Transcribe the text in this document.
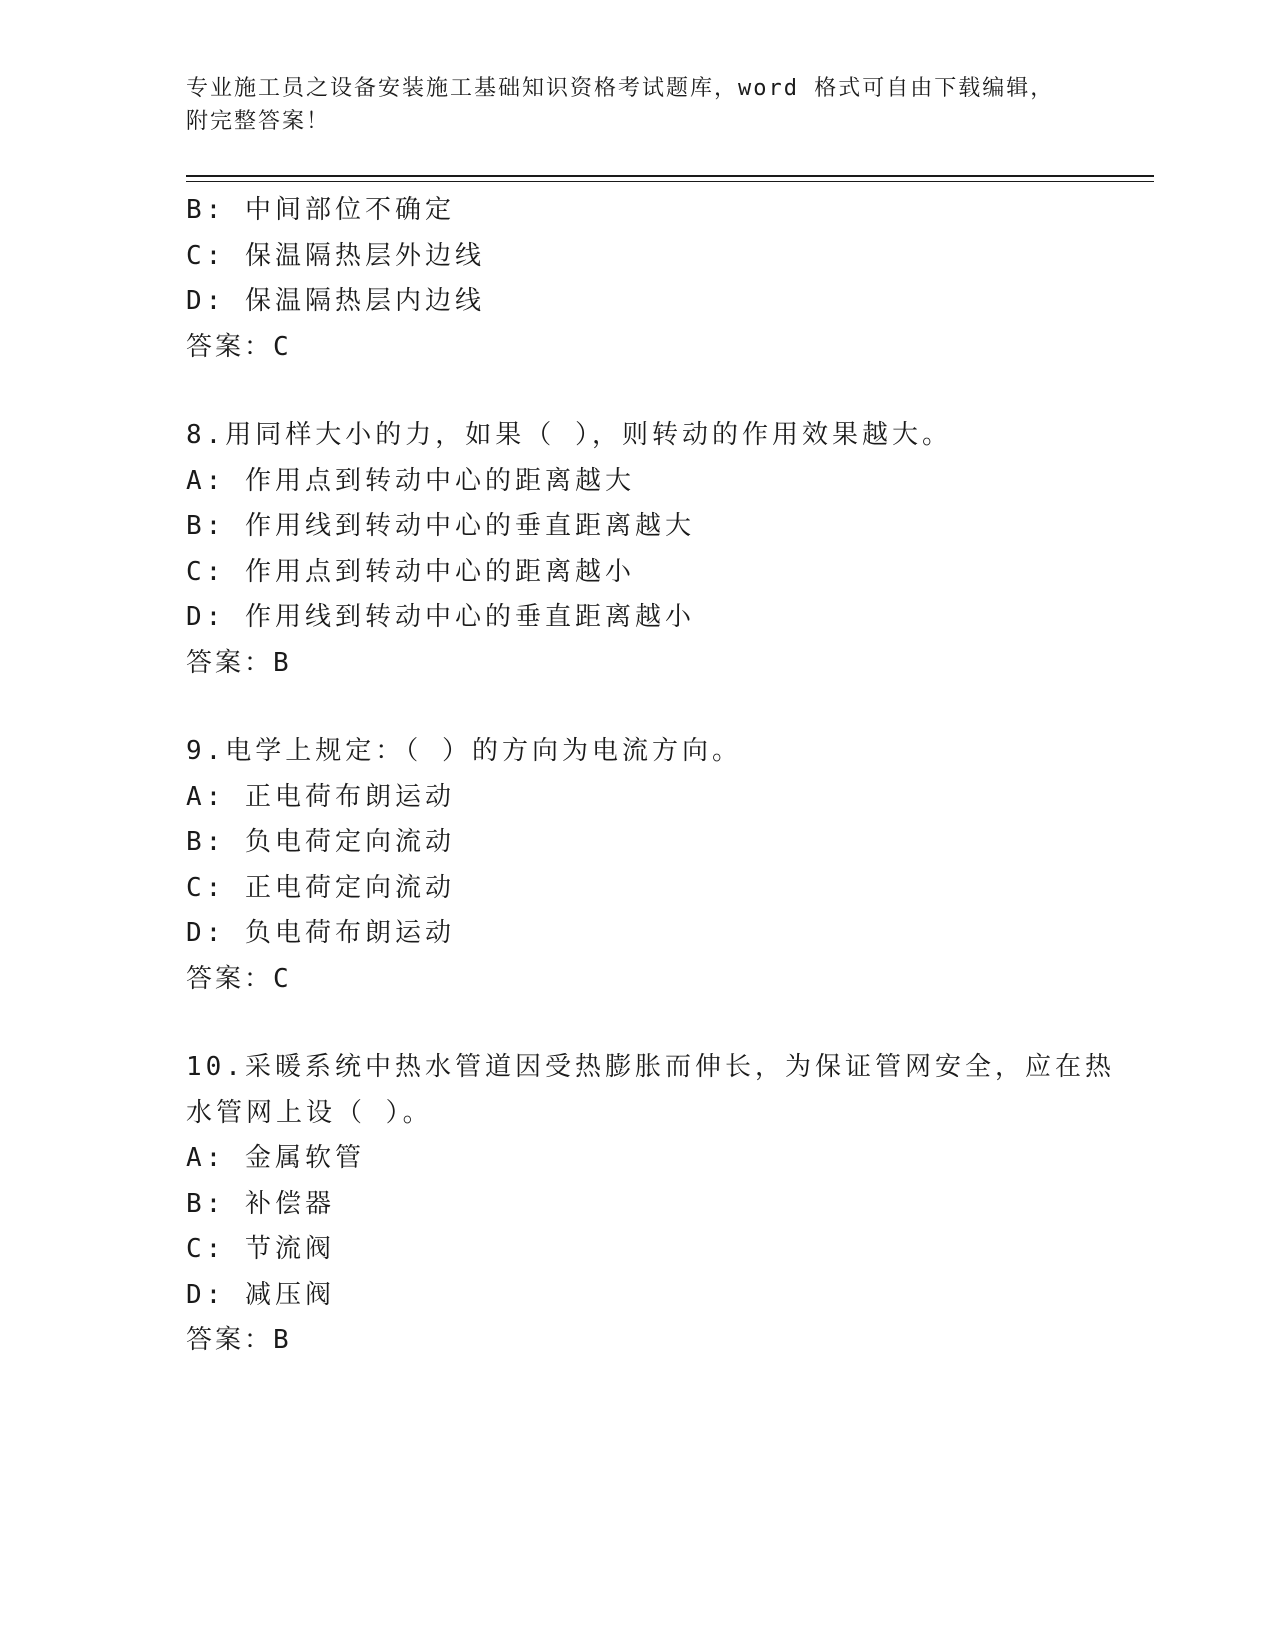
专业施工员之设备安装施工基础知识资格考试题库，word 格式可自由下载编辑，
附完整答案！
B: 中间部位不确定
C: 保温隔热层外边线
D: 保温隔热层内边线
答案：C
8.用同样大小的力，如果（ ），则转动的作用效果越大。
A: 作用点到转动中心的距离越大
B: 作用线到转动中心的垂直距离越大
C: 作用点到转动中心的距离越小
D: 作用线到转动中心的垂直距离越小
答案：B
9.电学上规定：（ ）的方向为电流方向。
A: 正电荷布朗运动
B: 负电荷定向流动
C: 正电荷定向流动
D: 负电荷布朗运动
答案：C
10.采暖系统中热水管道因受热膨胀而伸长，为保证管网安全，应在热
水管网上设（ ）。
A: 金属软管
B: 补偿器
C: 节流阀
D: 减压阀
答案：B
